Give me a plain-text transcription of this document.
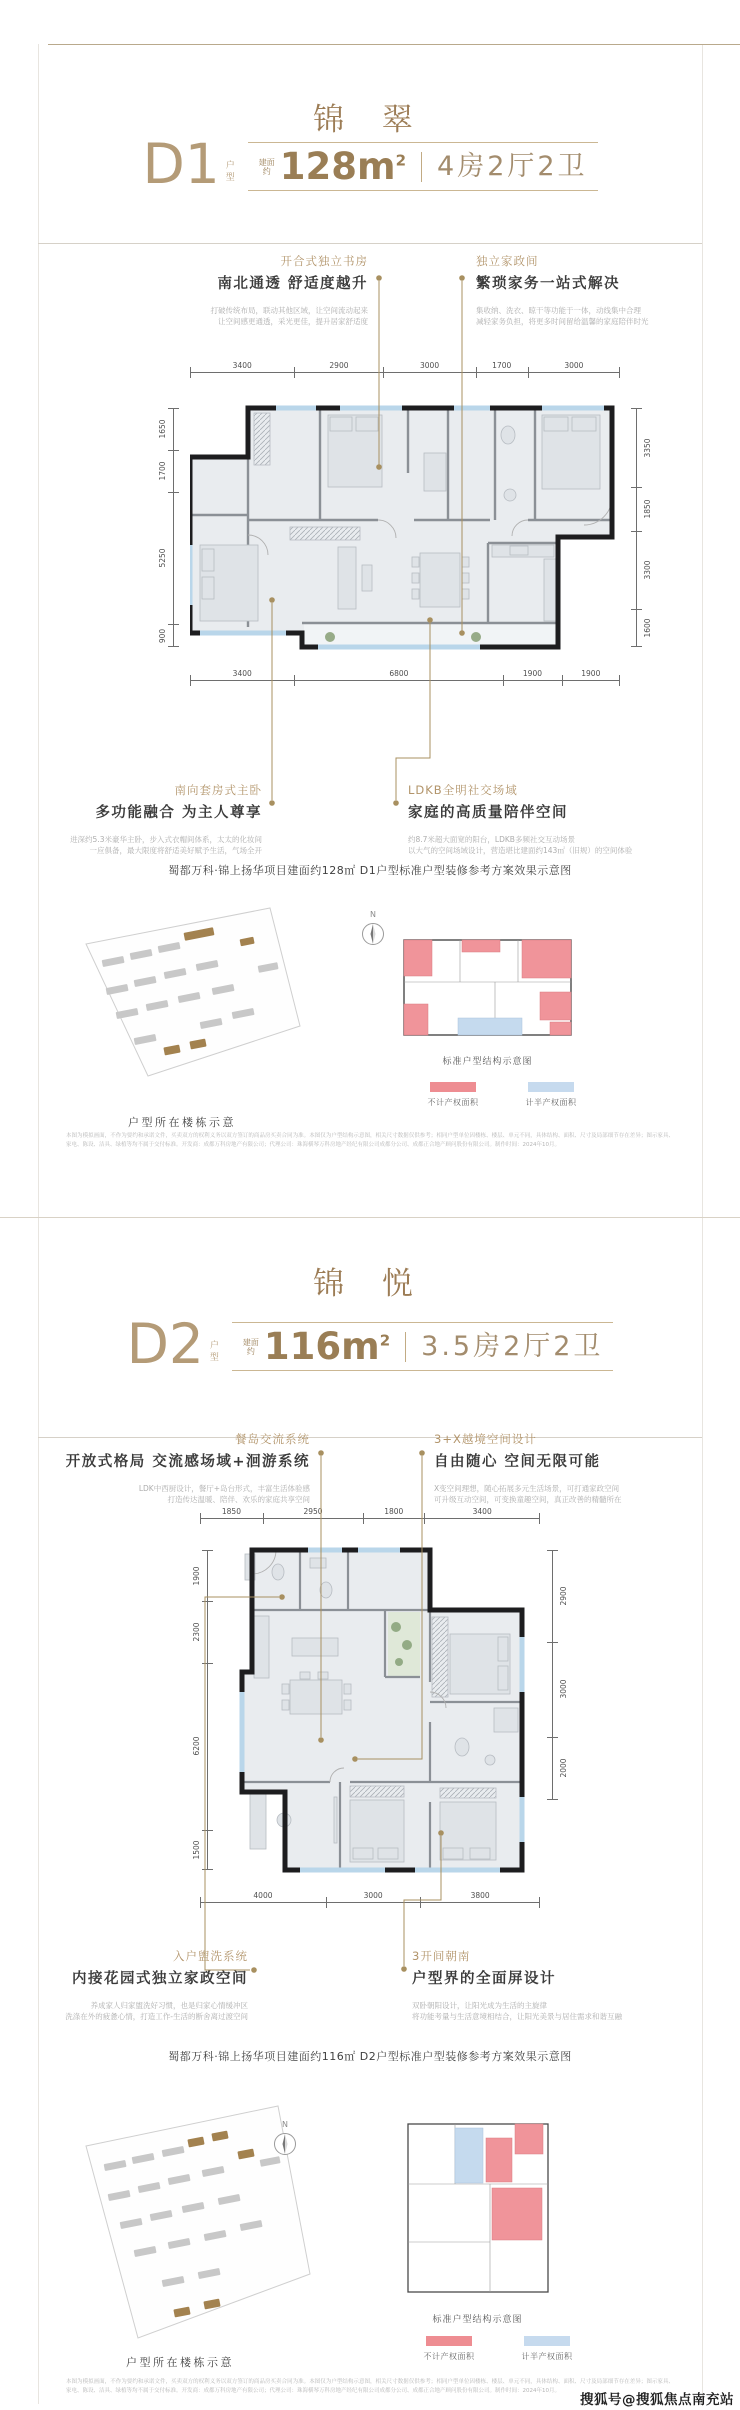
锦 翠
D1 户型	建面约 $128m^2$ 4房2厅2卫
开合式独立书房
南北通透 舒适度越升
打破传统布局，联动其他区域，让空间流动起来
让空间感更通透，采光更佳，提升居家舒适度
独立家政间
繁琐家务一站式解决
集收纳、洗衣、晾干等功能于一体，动线集中合理
减轻家务负担，将更多时间留给温馨的家庭陪伴时光
3400	2900	3000	1700	3000
3400	6800	1900	1900
1650
1700
5250
900
3350
1850
3300
1600
南向套房式主卧
多功能融合 为主人尊享
进深约5.3米豪华主卧，步入式衣帽间体系，太太的化妆间
一应俱备，最大限度将舒适美好赋予生活，气场全开
LDKB全明社交场域
家庭的高质量陪伴空间
约8.7米超大面宽的阳台，LDKB多频社交互动场景
以大气的空间场域设计，营造堪比建面约143㎡（旧规）的空间体验
蜀都万科·锦上扬华项目建面约128㎡ D1户型标准户型装修参考方案效果示意图
N
标准户型结构示意图
不计产权面积	计半产权面积
户型所在楼栋示意
本图为模拟画面，不作为要约和承诺文件，买卖双方的权利义务以双方签订的商品房买卖合同为准。本图仅为户型结构示意图，相关尺寸数据仅供参考；相同户型单位因楼栋、楼层、单元不同，具体结构、面积、尺寸及局部细节存在差异；图示家具、家电、陈设、洁具、绿植等均不属于交付标准。开发商：成都万科房地产有限公司；代理公司：珠海横琴万科房地产经纪有限公司成都分公司、成都正合地产顾问股份有限公司。制作时间：2024年10月。
锦 悦
D2 户型	建面约 $116m^2$ 3.5房2厅2卫
餐岛交流系统
开放式格局 交流感场域+洄游系统
LDK中西厨设计，餐厅+岛台形式，丰富生活体验感
打造传达温暖、陪伴、欢乐的家庭共享空间
3+X越境空间设计
自由随心 空间无限可能
X变空间理想，随心拓展多元生活场景，可打通家政空间
可升级互动空间，可变换童趣空间，真正改善的精髓所在
1850	2950	1800	3400
4000	3000	3800
1900
2300
6200
1500
2900
3000
2000
入户盥洗系统
内接花园式独立家政空间
养成家人归家盥洗好习惯，也是归家心情缓冲区
洗涤在外的疲惫心情，打造工作-生活的断舍离过渡空间
3开间朝南
户型界的全面屏设计
双卧朝阳设计，让阳光成为生活的主旋律
将功能考量与生活意境相结合，让阳光美景与居住需求和谐互融
蜀都万科·锦上扬华项目建面约116㎡ D2户型标准户型装修参考方案效果示意图
N
标准户型结构示意图
不计产权面积	计半产权面积
户型所在楼栋示意
本图为模拟画面，不作为要约和承诺文件，买卖双方的权利义务以双方签订的商品房买卖合同为准。本图仅为户型结构示意图，相关尺寸数据仅供参考；相同户型单位因楼栋、楼层、单元不同，具体结构、面积、尺寸及局部细节存在差异；图示家具、家电、陈设、洁具、绿植等均不属于交付标准。开发商：成都万科房地产有限公司；代理公司：珠海横琴万科房地产经纪有限公司成都分公司、成都正合地产顾问股份有限公司。制作时间：2024年10月。
搜狐号@搜狐焦点南充站
